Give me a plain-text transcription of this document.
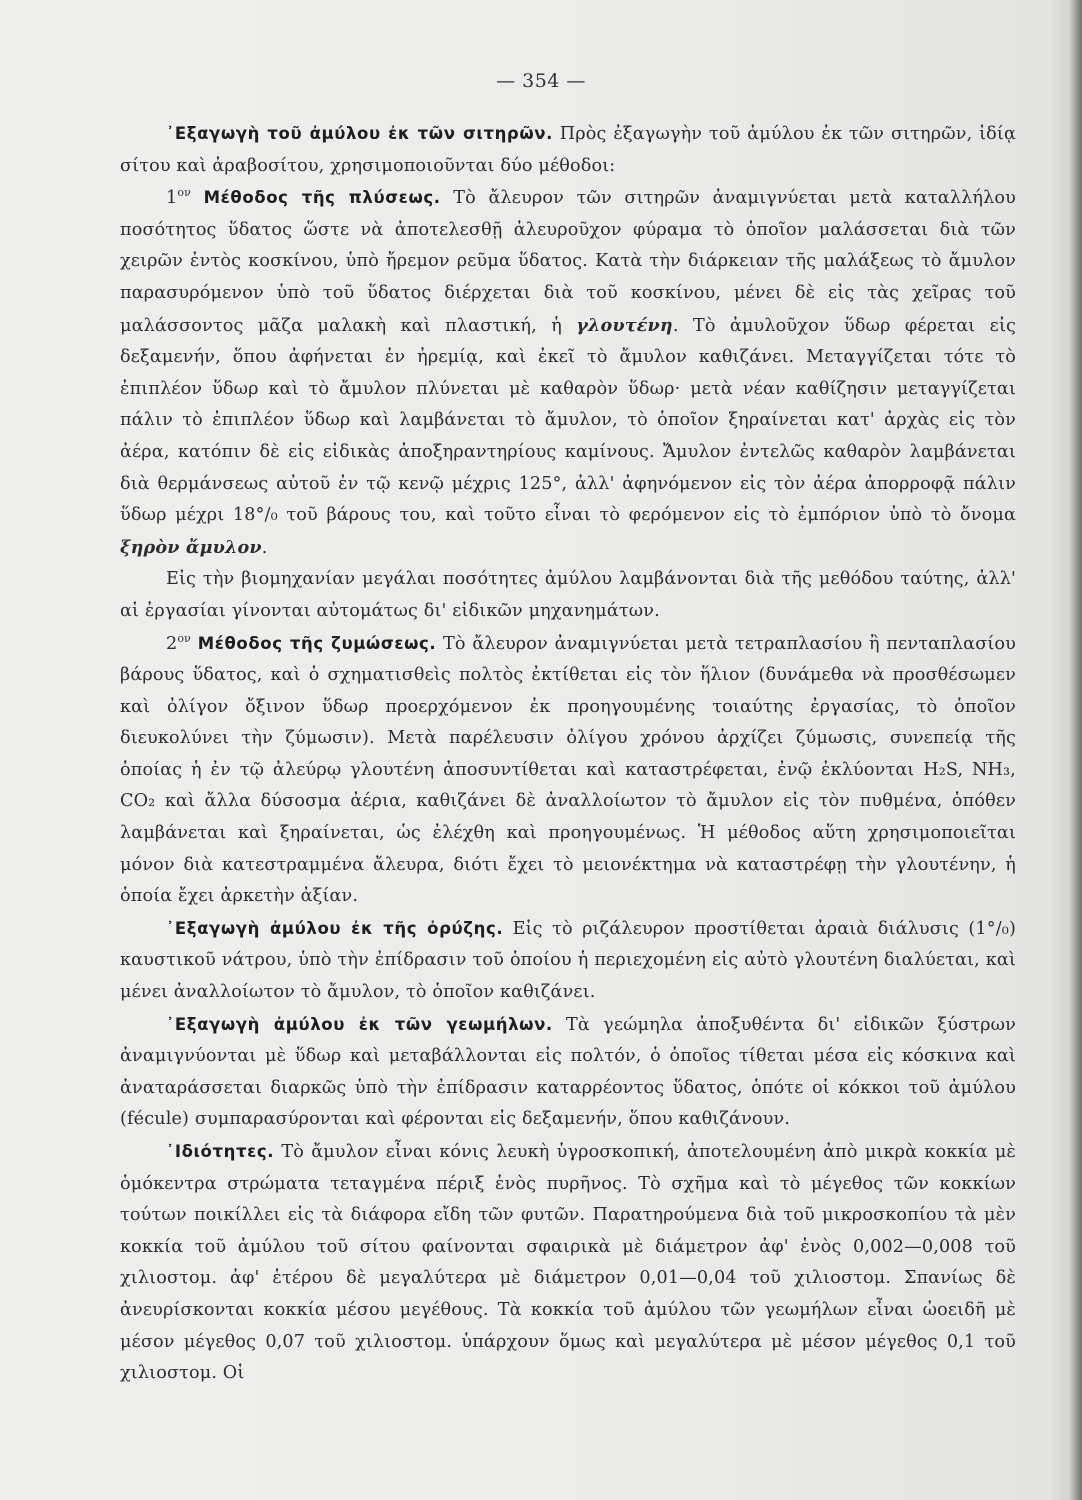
— 354 —

᾿Εξαγωγὴ τοῦ ἀμύλου ἐκ τῶν σιτηρῶν. Πρὸς ἐξαγωγὴν τοῦ ἀμύλου ἐκ τῶν σιτηρῶν, ἰδίᾳ σίτου καὶ ἀραβοσίτου, χρησιμοποιοῦνται δύο μέθοδοι:

$1^{o\nu}$ Μέθοδος τῆς πλύσεως. Τὸ ἄλευρον τῶν σιτηρῶν ἀναμιγνύεται μετὰ καταλλήλου ποσότητος ὕδατος ὥστε νὰ ἀποτελεσθῇ ἀλευροῦχον φύραμα τὸ ὁποῖον μαλάσσεται διὰ τῶν χειρῶν ἐντὸς κοσκίνου, ὑπὸ ἤρεμον ρεῦμα ὕδατος. Κατὰ τὴν διάρκειαν τῆς μαλάξεως τὸ ἄμυλον παρασυρόμενον ὑπὸ τοῦ ὕδατος διέρχεται διὰ τοῦ κοσκίνου, μένει δὲ εἰς τὰς χεῖρας τοῦ μαλάσσοντος μᾶζα μαλακὴ καὶ πλαστική, ἡ γλουτένη. Τὸ ἀμυλοῦχον ὕδωρ φέρεται εἰς δεξαμενήν, ὅπου ἀφήνεται ἐν ἠρεμίᾳ, καὶ ἐκεῖ τὸ ἄμυλον καθιζάνει. Μεταγγίζεται τότε τὸ ἐπιπλέον ὕδωρ καὶ τὸ ἄμυλον πλύνεται μὲ καθαρὸν ὕδωρ· μετὰ νέαν καθίζησιν μεταγγίζεται πάλιν τὸ ἐπιπλέον ὕδωρ καὶ λαμβάνεται τὸ ἄμυλον, τὸ ὁποῖον ξηραίνεται κατ' ἀρχὰς εἰς τὸν ἀέρα, κατόπιν δὲ εἰς εἰδικὰς ἀποξηραντηρίους καμίνους. Ἄμυλον ἐντελῶς καθαρὸν λαμβάνεται διὰ θερμάνσεως αὐτοῦ ἐν τῷ κενῷ μέχρις 125°, ἀλλ' ἀφηνόμενον εἰς τὸν ἀέρα ἀπορροφᾷ πάλιν ὕδωρ μέχρι 18°/₀ τοῦ βάρους του, καὶ τοῦτο εἶναι τὸ φερόμενον εἰς τὸ ἐμπόριον ὑπὸ τὸ ὄνομα ξηρὸν ἄμυλον.

Εἰς τὴν βιομηχανίαν μεγάλαι ποσότητες ἀμύλου λαμβάνονται διὰ τῆς μεθόδου ταύτης, ἀλλ' αἱ ἐργασίαι γίνονται αὐτομάτως δι' εἰδικῶν μηχανημάτων.

$2^{o\nu}$ Μέθοδος τῆς ζυμώσεως. Τὸ ἄλευρον ἀναμιγνύεται μετὰ τετραπλασίου ἢ πενταπλασίου βάρους ὕδατος, καὶ ὁ σχηματισθεὶς πολτὸς ἐκτίθεται εἰς τὸν ἥλιον (δυνάμεθα νὰ προσθέσωμεν καὶ ὀλίγον ὄξινον ὕδωρ προερχόμενον ἐκ προηγουμένης τοιαύτης ἐργασίας, τὸ ὁποῖον διευκολύνει τὴν ζύμωσιν). Μετὰ παρέλευσιν ὀλίγου χρόνου ἀρχίζει ζύμωσις, συνεπείᾳ τῆς ὁποίας ἡ ἐν τῷ ἀλεύρῳ γλουτένη ἀποσυντίθεται καὶ καταστρέφεται, ἐνῷ ἐκλύονται H₂S, NH₃, CO₂ καὶ ἄλλα δύσοσμα ἀέρια, καθιζάνει δὲ ἀναλλοίωτον τὸ ἄμυλον εἰς τὸν πυθμένα, ὁπόθεν λαμβάνεται καὶ ξηραίνεται, ὡς ἐλέχθη καὶ προηγουμένως. Ἡ μέθοδος αὕτη χρησιμοποιεῖται μόνον διὰ κατεστραμμένα ἄλευρα, διότι ἔχει τὸ μειονέκτημα νὰ καταστρέφῃ τὴν γλουτένην, ἡ ὁποία ἔχει ἀρκετὴν ἀξίαν.

᾿Εξαγωγὴ ἀμύλου ἐκ τῆς ὀρύζης. Εἰς τὸ ριζάλευρον προστίθεται ἀραιὰ διάλυσις (1°/₀) καυστικοῦ νάτρου, ὑπὸ τὴν ἐπίδρασιν τοῦ ὁποίου ἡ περιεχομένη εἰς αὐτὸ γλουτένη διαλύεται, καὶ μένει ἀναλλοίωτον τὸ ἄμυλον, τὸ ὁποῖον καθιζάνει.

᾿Εξαγωγὴ ἀμύλου ἐκ τῶν γεωμήλων. Τὰ γεώμηλα ἀποξυθέντα δι' εἰδικῶν ξύστρων ἀναμιγνύονται μὲ ὕδωρ καὶ μεταβάλλονται εἰς πολτόν, ὁ ὁποῖος τίθεται μέσα εἰς κόσκινα καὶ ἀναταράσσεται διαρκῶς ὑπὸ τὴν ἐπίδρασιν καταρρέοντος ὕδατος, ὁπότε οἱ κόκκοι τοῦ ἀμύλου (fécule) συμπαρασύρονται καὶ φέρονται εἰς δεξαμενήν, ὅπου καθιζάνουν.

᾿Ιδιότητες. Τὸ ἄμυλον εἶναι κόνις λευκὴ ὑγροσκοπική, ἀποτελουμένη ἀπὸ μικρὰ κοκκία μὲ ὁμόκεντρα στρώματα τεταγμένα πέριξ ἑνὸς πυρῆνος. Τὸ σχῆμα καὶ τὸ μέγεθος τῶν κοκκίων τούτων ποικίλλει εἰς τὰ διάφορα εἴδη τῶν φυτῶν. Παρατηρούμενα διὰ τοῦ μικροσκοπίου τὰ μὲν κοκκία τοῦ ἀμύλου τοῦ σίτου φαίνονται σφαιρικὰ μὲ διάμετρον ἀφ' ἑνὸς 0,002—0,008 τοῦ χιλιοστομ. ἀφ' ἑτέρου δὲ μεγαλύτερα μὲ διάμετρον 0,01—0,04 τοῦ χιλιοστομ. Σπανίως δὲ ἀνευρίσκονται κοκκία μέσου μεγέθους. Τὰ κοκκία τοῦ ἀμύλου τῶν γεωμήλων εἶναι ὠοειδῆ μὲ μέσον μέγεθος 0,07 τοῦ χιλιοστομ. ὑπάρχουν ὅμως καὶ μεγαλύτερα μὲ μέσον μέγεθος 0,1 τοῦ χιλιοστομ. Οἱ
